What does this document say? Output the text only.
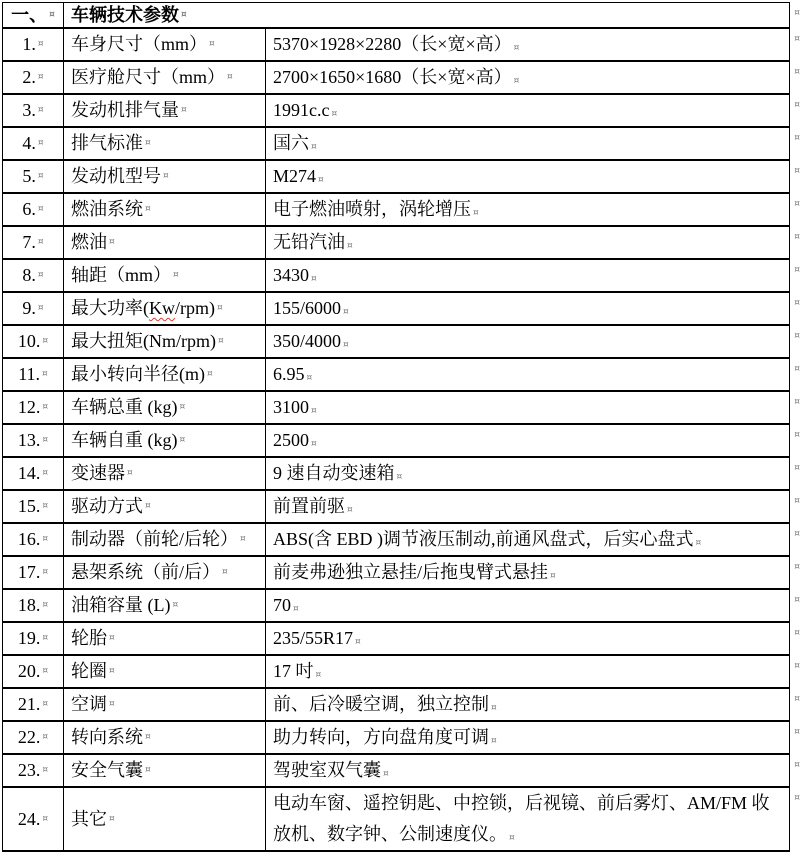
一、 ¤ 车辆技术参数
¤
¤
1. ¤ 车身尺寸（mm） ¤	5370×1928×2280（长×宽×高）¤
¤
2. ¤ 医疗舱尺寸（mm） ¤	2700×1650×1680（长×宽×高）¤
¤
3. ¤ 发动机排气量 ¤	1991c.c¤
¤
4. ¤ 排气标准 ¤	国六¤
¤
5. ¤ 发动机型号 ¤	M274¤
¤
6. ¤ 燃油系统 ¤	电子燃油喷射，涡轮增压¤
¤
7. ¤ 燃油 ¤	无铅汽油¤
¤
8. ¤ 轴距（mm） ¤	3430¤
¤
9. ¤ 最大功率(Kw/rpm) ¤	155/6000¤
¤
10. ¤ 最大扭矩(Nm/rpm) ¤	350/4000¤
¤
11. ¤ 最小转向半径(m) ¤	6.95¤
¤
12. ¤ 车辆总重 (kg) ¤	3100¤
¤
13. ¤ 车辆自重 (kg) ¤	2500¤
¤
14. ¤ 变速器 ¤	9 速自动变速箱¤
¤
15. ¤ 驱动方式 ¤	前置前驱¤
¤
16. ¤ 制动器（前轮/后轮） ¤ ABS(含 EBD )调节液压制动,前通风盘式，后实心盘式¤
¤
17. ¤ 悬架系统（前/后） ¤	前麦弗逊独立悬挂/后拖曳臂式悬挂¤
¤
18. ¤ 油箱容量 (L) ¤	70¤
¤
19. ¤ 轮胎 ¤	235/55R17¤
¤
20. ¤ 轮圈 ¤	17 吋¤
¤
21. ¤ 空调 ¤	前、后冷暖空调，独立控制¤
¤
22. ¤ 转向系统 ¤	助力转向，方向盘角度可调¤
¤
23. ¤ 安全气囊 ¤	驾驶室双气囊¤
¤
24. ¤ 其它
¤
电动车窗、遥控钥匙、中控锁，后视镜、前后雾灯、AM/FM 收放机、数字钟、公制速度仪。¤
¤
